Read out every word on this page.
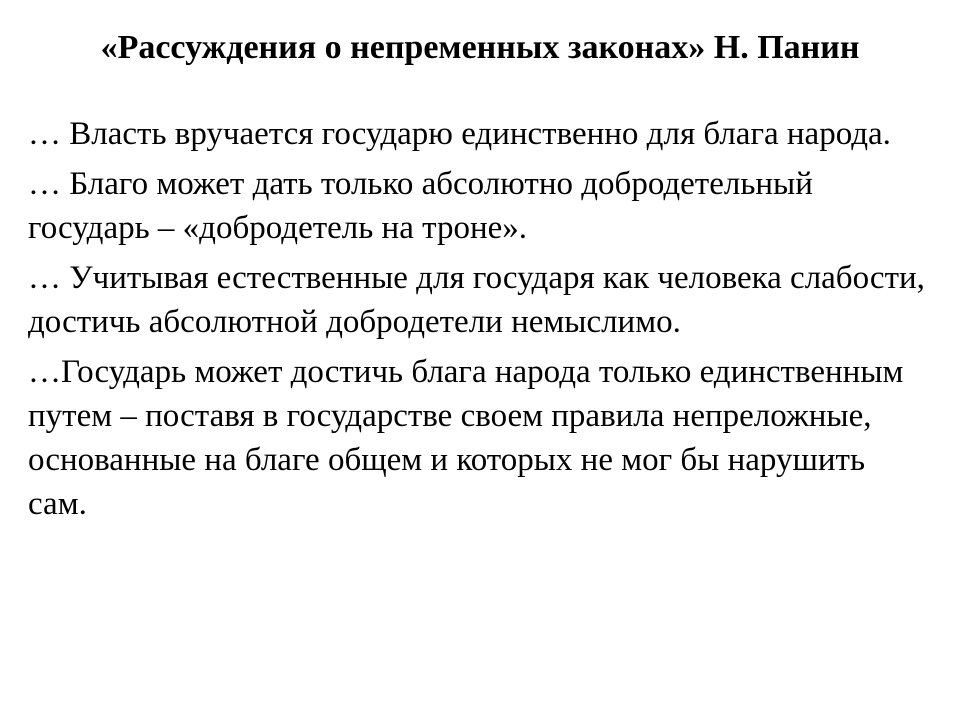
«Рассуждения о непременных законах» Н. Панин

… Власть вручается государю единственно для блага народа.

… Благо может дать только абсолютно добродетельный государь – «добродетель на троне».

… Учитывая естественные для государя как человека слабости, достичь абсолютной добродетели немыслимо.

…Государь может достичь блага народа только единственным путем – поставя в государстве своем правила непреложные, основанные на благе общем и которых не мог бы нарушить сам.
